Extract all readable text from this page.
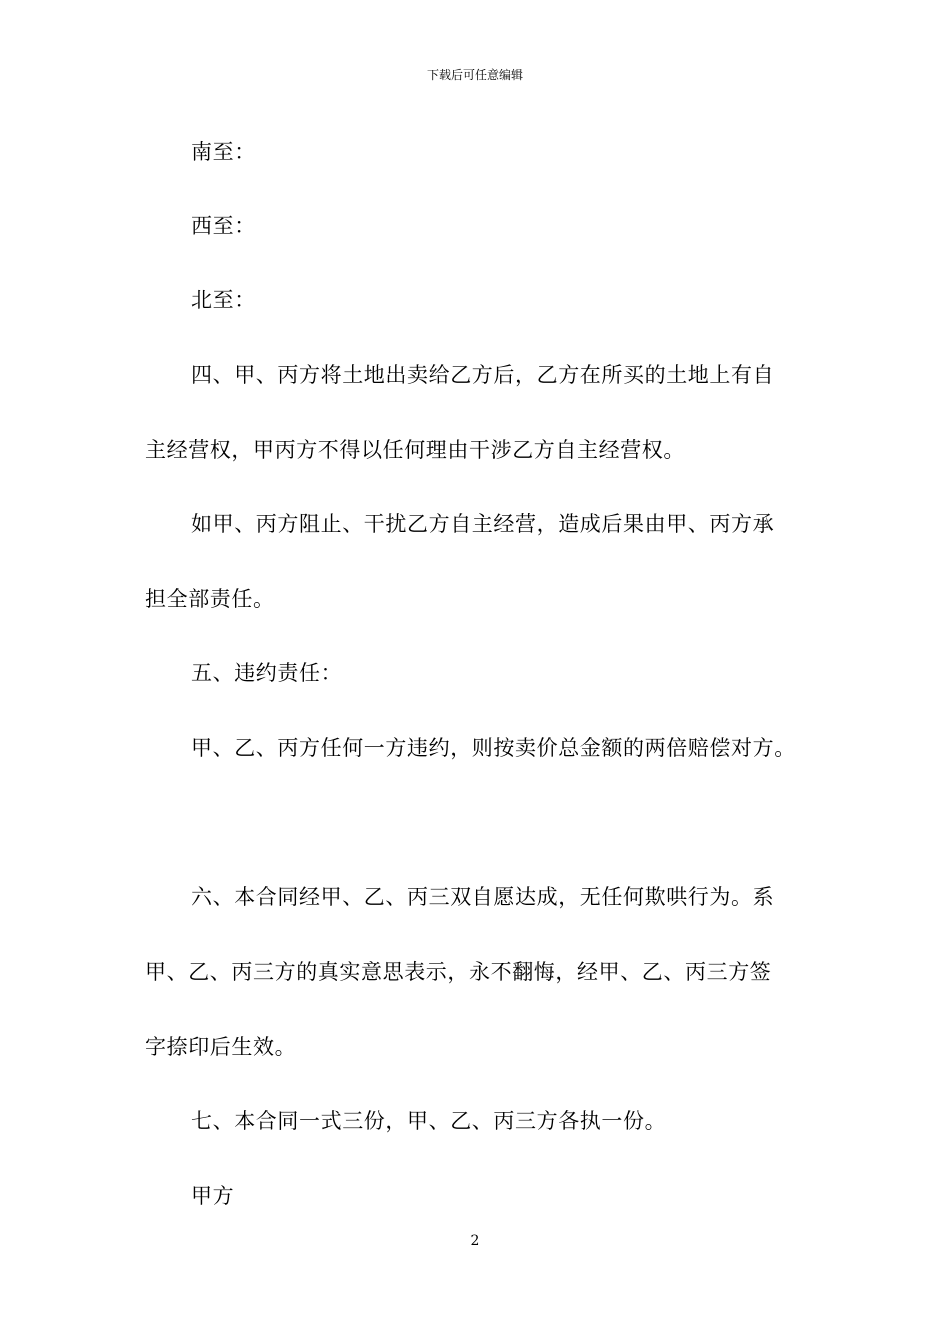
下载后可任意编辑
南至：
西至：
北至：
四、甲、丙方将土地出卖给乙方后，乙方在所买的土地上有自
主经营权，甲丙方不得以任何理由干涉乙方自主经营权。
如甲、丙方阻止、干扰乙方自主经营，造成后果由甲、丙方承
担全部责任。
五、违约责任：
甲、乙、丙方任何一方违约，则按卖价总金额的两倍赔偿对方。
六、本合同经甲、乙、丙三双自愿达成，无任何欺哄行为。系
甲、乙、丙三方的真实意思表示，永不翻悔，经甲、乙、丙三方签
字捺印后生效。
七、本合同一式三份，甲、乙、丙三方各执一份。
甲方
2
